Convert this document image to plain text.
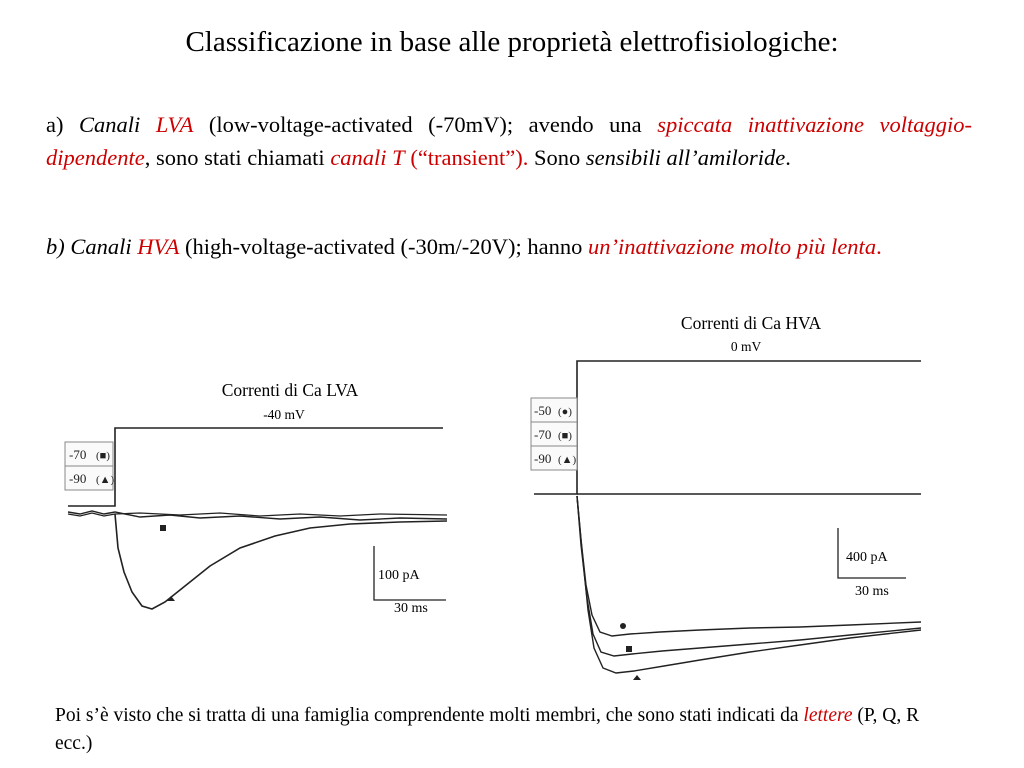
Classificazione in base alle proprietà elettrofisiologiche:

a) Canali LVA (low-voltage-activated (-70mV); avendo una spiccata inattivazione voltaggio-dipendente, sono stati chiamati canali T (“transient”). Sono sensibili all’amiloride.

b) Canali HVA (high-voltage-activated (-30m/-20V); hanno un’inattivazione molto più lenta.

Correnti di Ca LVA
-40 mV
Correnti di Ca HVA
0 mV
-70 (■)
-90 (▲)
100 pA
30 ms
-50 (●)
-70 (■)
-90 (▲)
400 pA
30 ms

Poi s’è visto che si tratta di una famiglia comprendente molti membri, che sono stati indicati da lettere (P, Q, R ecc.)
